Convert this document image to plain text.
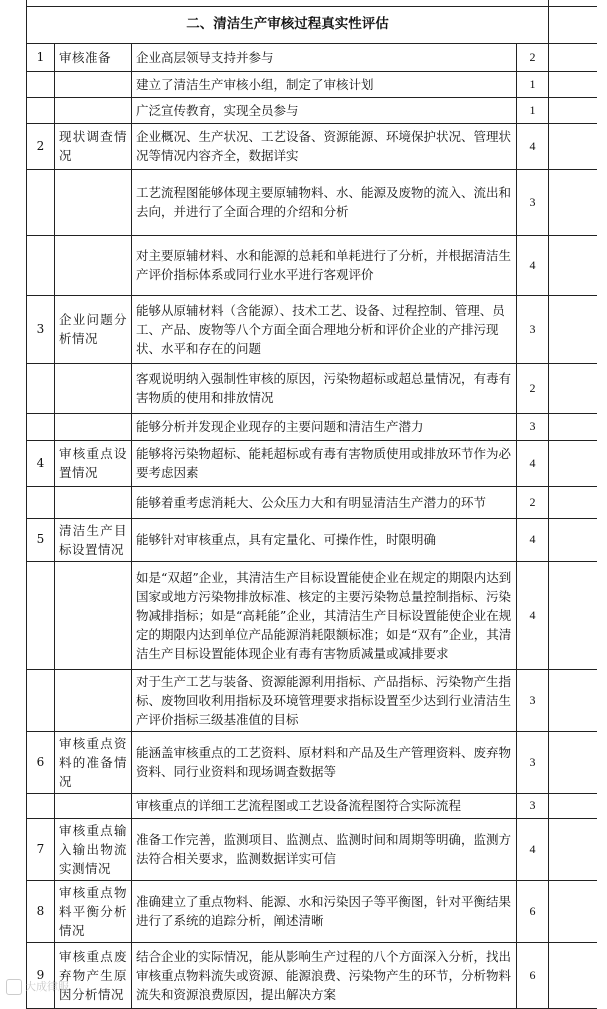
二、清洁生产审核过程真实性评估				
1	审核准备	企业高层领导支持并参与	2	
		建立了清洁生产审核小组，制定了审核计划	1	
		广泛宣传教育，实现全员参与	1	
2	现状调查情况	企业概况、生产状况、工艺设备、资源能源、环境保护状况、管理状况等情况内容齐全，数据详实	4	
		工艺流程图能够体现主要原辅物料、水、能源及废物的流入、流出和去向，并进行了全面合理的介绍和分析	3	
		对主要原辅材料、水和能源的总耗和单耗进行了分析，并根据清洁生产评价指标体系或同行业水平进行客观评价	4	
3	企业问题分析情况	能够从原辅材料（含能源）、技术工艺、设备、过程控制、管理、员工、产品、废物等八个方面全面合理地分析和评价企业的产排污现状、水平和存在的问题	3	
		客观说明纳入强制性审核的原因，污染物超标或超总量情况，有毒有害物质的使用和排放情况	2	
		能够分析并发现企业现存的主要问题和清洁生产潜力	3	
4	审核重点设置情况	能够将污染物超标、能耗超标或有毒有害物质使用或排放环节作为必要考虑因素	4	
		能够着重考虑消耗大、公众压力大和有明显清洁生产潜力的环节	2	
5	清洁生产目标设置情况	能够针对审核重点，具有定量化、可操作性，时限明确	4	
		如是“双超”企业，其清洁生产目标设置能使企业在规定的期限内达到国家或地方污染物排放标准、核定的主要污染物总量控制指标、污染物减排指标；如是“高耗能”企业，其清洁生产目标设置能使企业在规定的期限内达到单位产品能源消耗限额标准；如是“双有”企业，其清洁生产目标设置能体现企业有毒有害物质减量或减排要求	4	
		对于生产工艺与装备、资源能源利用指标、产品指标、污染物产生指标、废物回收利用指标及环境管理要求指标设置至少达到行业清洁生产评价指标三级基准值的目标	3	
6	审核重点资料的准备情况	能涵盖审核重点的工艺资料、原材料和产品及生产管理资料、废弃物资料、同行业资料和现场调查数据等	3	
		审核重点的详细工艺流程图或工艺设备流程图符合实际流程	3	
7	审核重点输入输出物流实测情况	准备工作完善，监测项目、监测点、监测时间和周期等明确，监测方法符合相关要求，监测数据详实可信	4	
8	审核重点物料平衡分析情况	准确建立了重点物料、能源、水和污染因子等平衡图，针对平衡结果进行了系统的追踪分析，阐述清晰	6	
9	审核重点废弃物产生原因分析情况	结合企业的实际情况，能从影响生产过程的八个方面深入分析，找出审核重点物料流失或资源、能源浪费、污染物产生的环节，分析物料流失和资源浪费原因，提出解决方案	6	
大成律服
